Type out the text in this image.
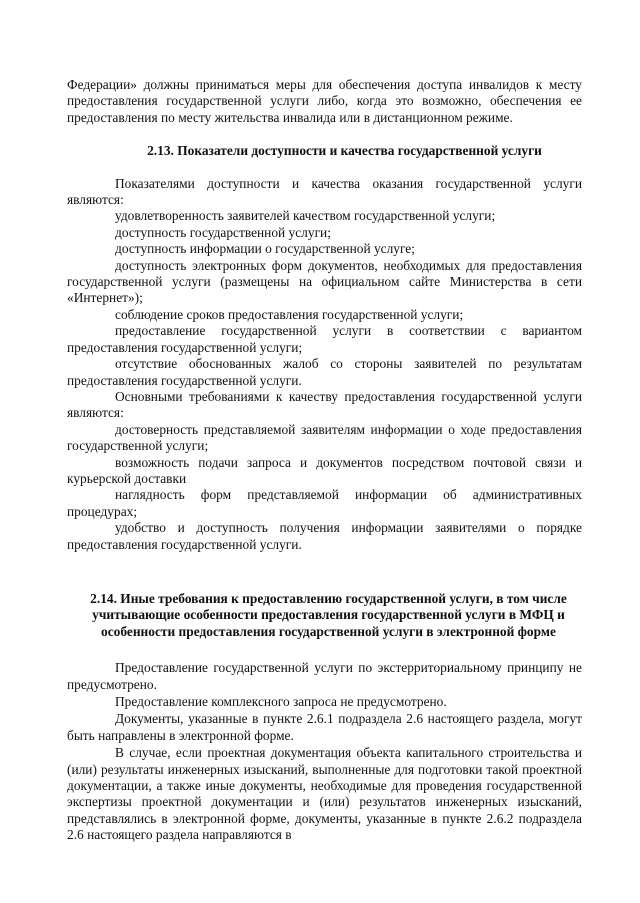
Федерации» должны приниматься меры для обеспечения доступа инвалидов к месту предоставления государственной услуги либо, когда это возможно, обеспечения ее предоставления по месту жительства инвалида или в дистанционном режиме.

2.13. Показатели доступности и качества государственной услуги

Показателями доступности и качества оказания государственной услуги являются:

удовлетворенность заявителей качеством государственной услуги;

доступность государственной услуги;

доступность информации о государственной услуге;

доступность электронных форм документов, необходимых для предоставления государственной услуги (размещены на официальном сайте Министерства в сети «Интернет»);

соблюдение сроков предоставления государственной услуги;

предоставление государственной услуги в соответствии с вариантом предоставления государственной услуги;

отсутствие обоснованных жалоб со стороны заявителей по результатам предоставления государственной услуги.

Основными требованиями к качеству предоставления государственной услуги являются:

достоверность представляемой заявителям информации о ходе предоставления государственной услуги;

возможность подачи запроса и документов посредством почтовой связи и курьерской доставки

наглядность форм представляемой информации об административных процедурах;

удобство и доступность получения информации заявителями о порядке предоставления государственной услуги.

2.14. Иные требования к предоставлению государственной услуги, в том числе учитывающие особенности предоставления государственной услуги в МФЦ и особенности предоставления государственной услуги в электронной форме

Предоставление государственной услуги по экстерриториальному принципу не предусмотрено.

Предоставление комплексного запроса не предусмотрено.

Документы, указанные в пункте 2.6.1 подраздела 2.6 настоящего раздела, могут быть направлены в электронной форме.

В случае, если проектная документация объекта капитального строительства и (или) результаты инженерных изысканий, выполненные для подготовки такой проектной документации, а также иные документы, необходимые для проведения государственной экспертизы проектной документации и (или) результатов инженерных изысканий, представлялись в электронной форме, документы, указанные в пункте 2.6.2 подраздела 2.6 настоящего раздела направляются в
